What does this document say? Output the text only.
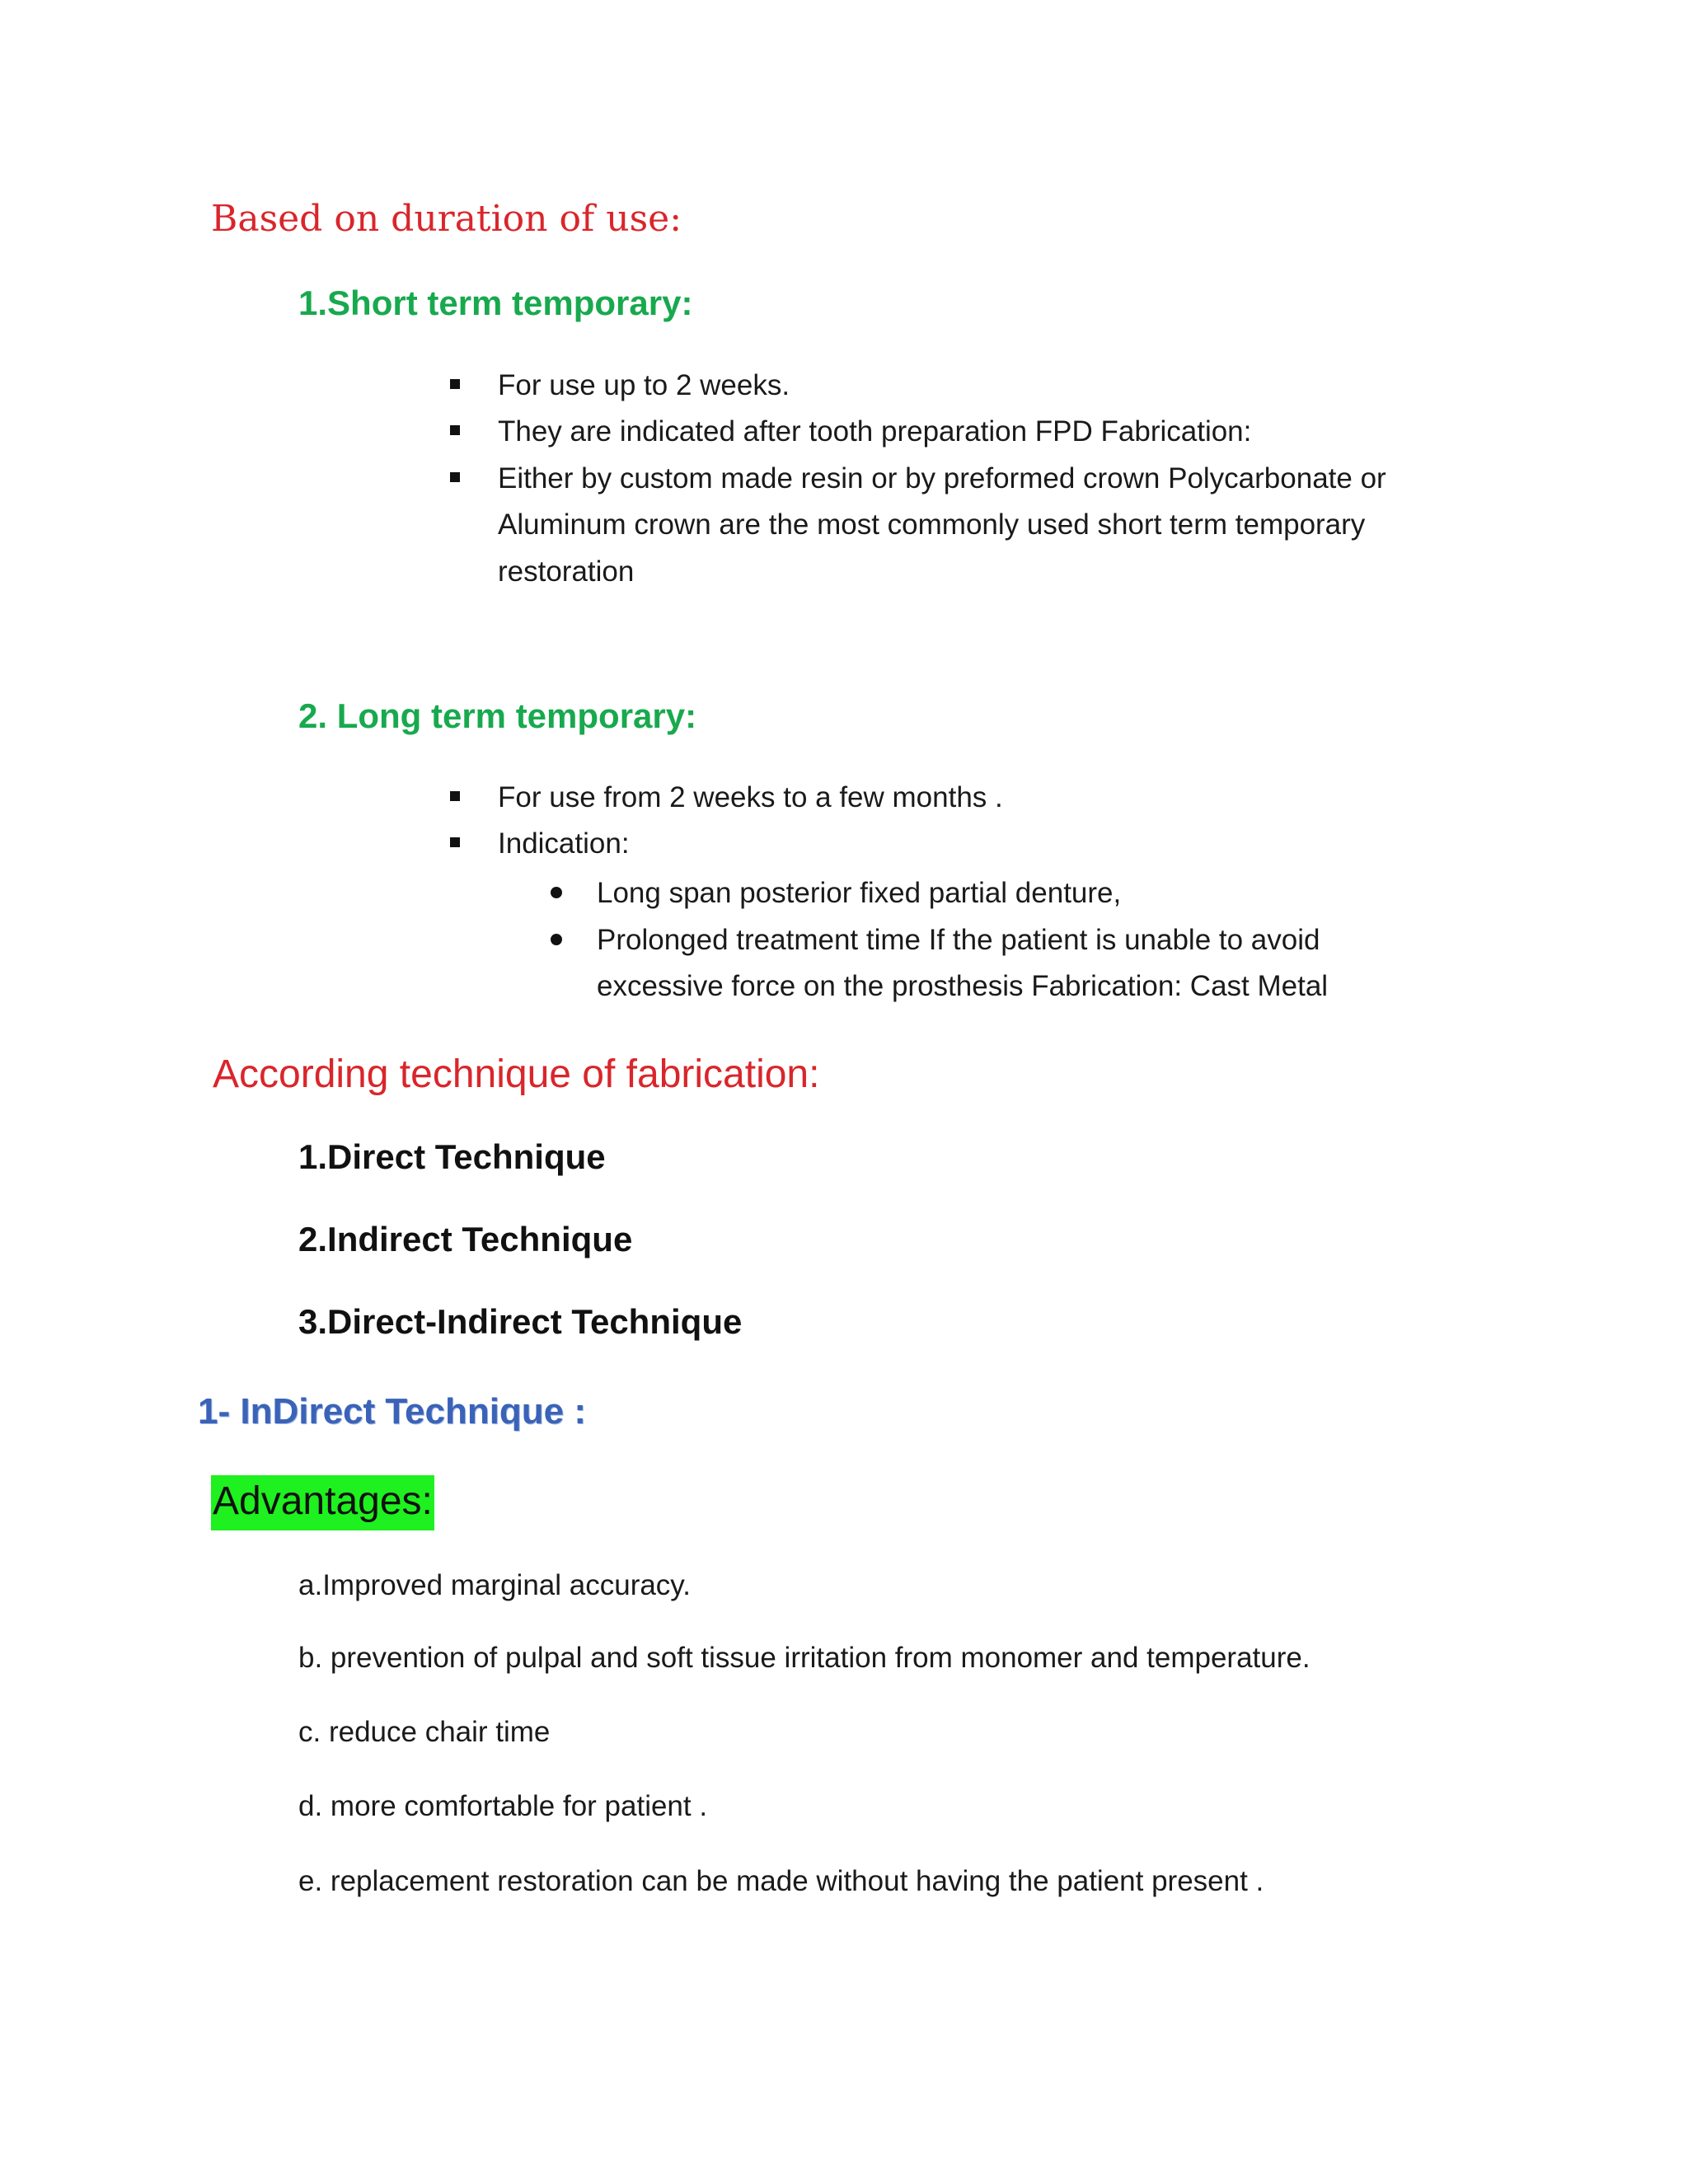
Based on duration of use:
1.Short term temporary:

For use up to 2 weeks.

They are indicated after tooth preparation FPD Fabrication:

Either by custom made resin or by preformed crown Polycarbonate or

Aluminum crown are the most commonly used short term temporary

restoration

2. Long term temporary:

For use from 2 weeks to a few months .

Indication:

Long span posterior fixed partial denture,

Prolonged treatment time If the patient is unable to avoid

excessive force on the prosthesis Fabrication: Cast Metal

According technique of fabrication:
1.Direct Technique
2.Indirect Technique
3.Direct-Indirect Technique
1- InDirect Technique :
Advantages:

a.Improved marginal accuracy.

b. prevention of pulpal and soft tissue irritation from monomer and temperature.

c. reduce chair time

d. more comfortable for patient .

e. replacement restoration can be made without having the patient present .
